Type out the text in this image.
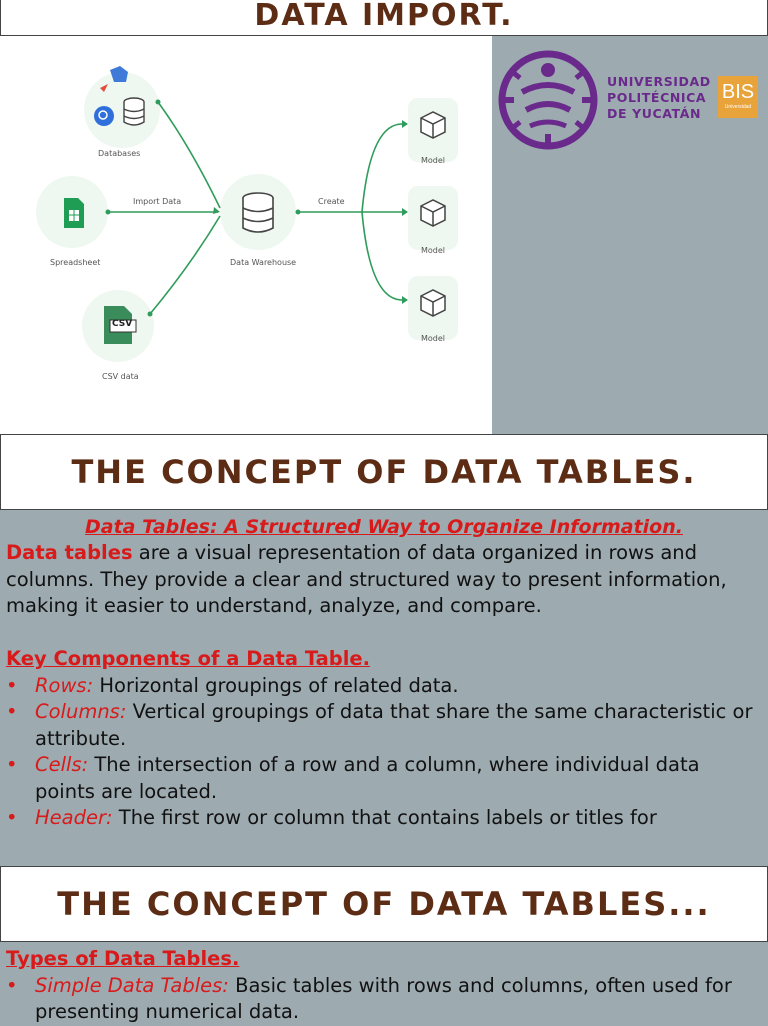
DATA IMPORT.
Databases
Spreadsheet
CSV data
Import Data	Create
Data Warehouse
Model
Model
Model
CSV
UNIVERSIDAD
POLITÉCNICA
DE YUCATÁN
BIS
Universidad
THE CONCEPT OF DATA TABLES.

Data Tables: A Structured Way to Organize Information.

Data tables are a visual representation of data organized in rows and columns. They provide a clear and structured way to present information, making it easier to understand, analyze, and compare.

Key Components of a Data Table.

• Rows: Horizontal groupings of related data.
• Columns: Vertical groupings of data that share the same characteristic or attribute.
• Cells: The intersection of a row and a column, where individual data points are located.
• Header: The first row or column that contains labels or titles for
THE CONCEPT OF DATA TABLES...

Types of Data Tables.

• Simple Data Tables: Basic tables with rows and columns, often used for presenting numerical data.
